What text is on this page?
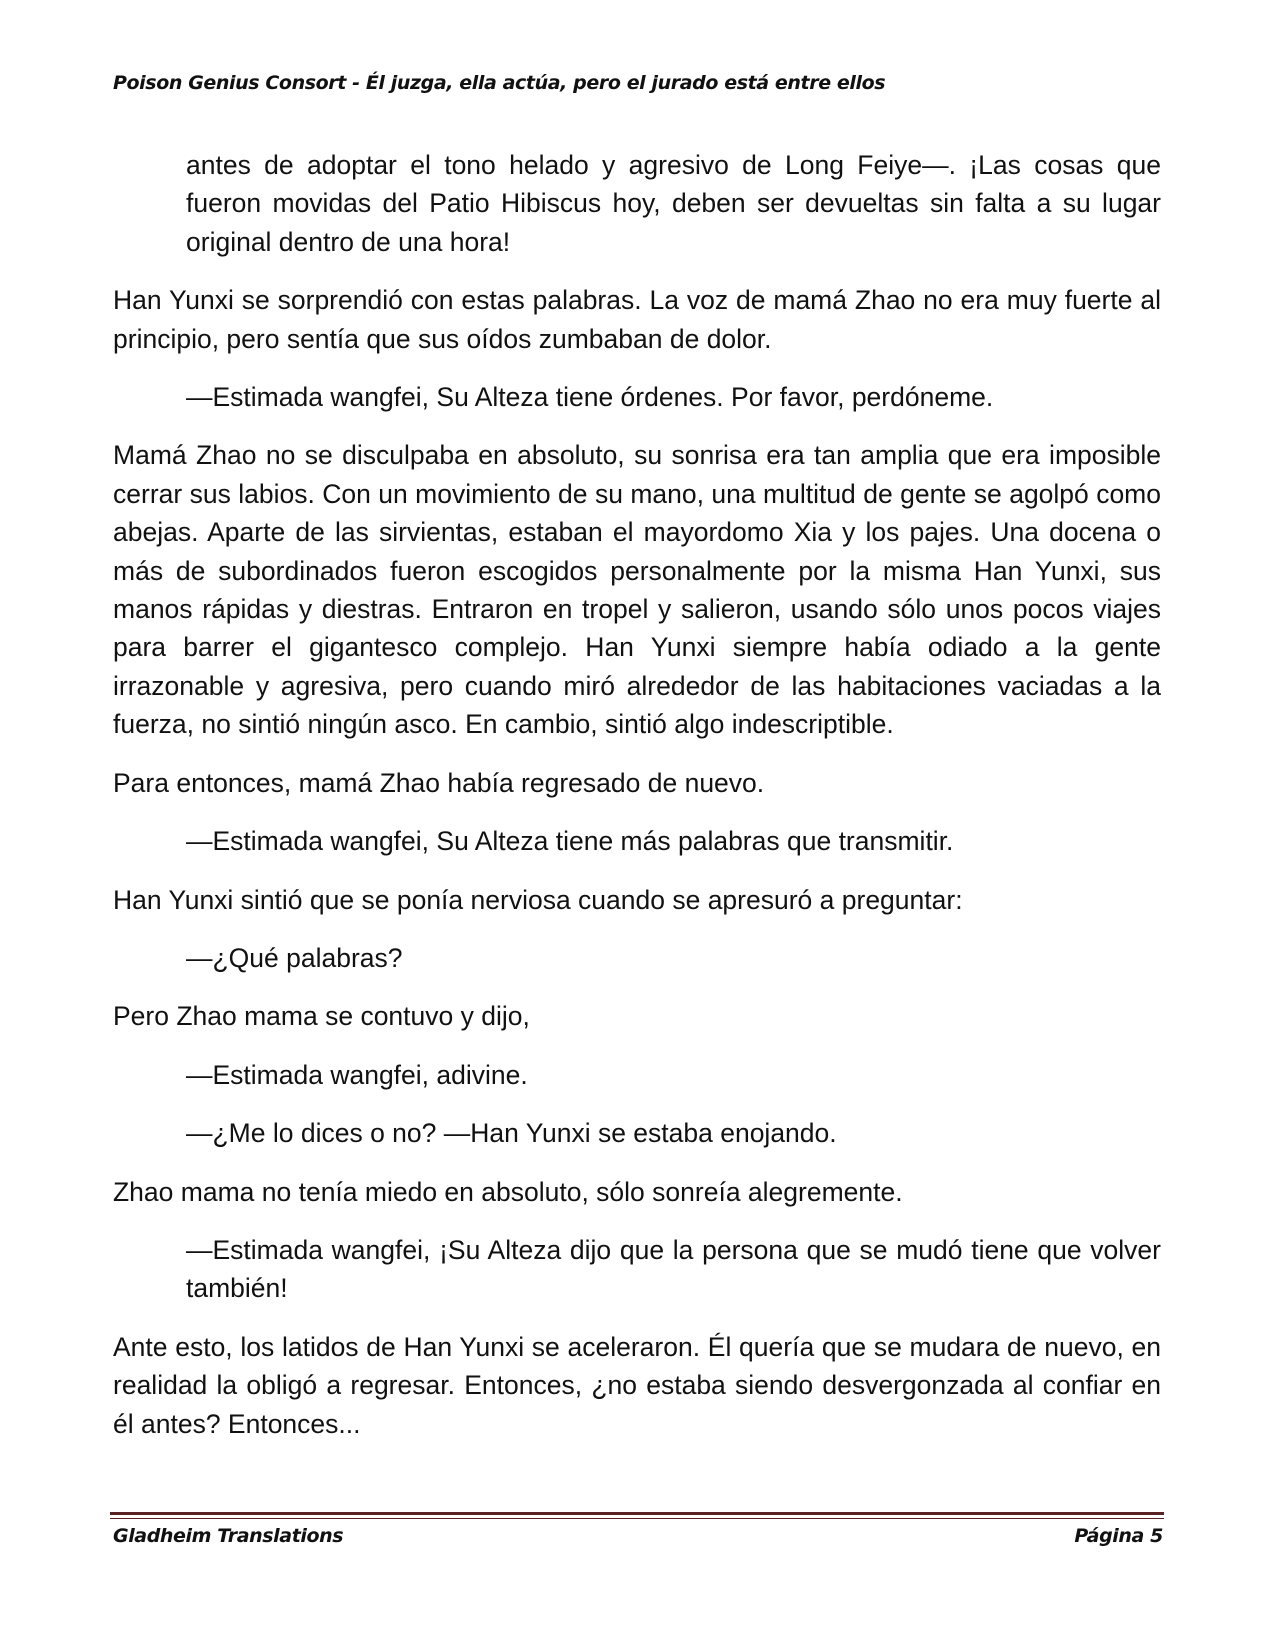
Poison Genius Consort - Él juzga, ella actúa, pero el jurado está entre ellos

antes de adoptar el tono helado y agresivo de Long Feiye—. ¡Las cosas que fueron movidas del Patio Hibiscus hoy, deben ser devueltas sin falta a su lugar original dentro de una hora!

Han Yunxi se sorprendió con estas palabras. La voz de mamá Zhao no era muy fuerte al principio, pero sentía que sus oídos zumbaban de dolor.

—Estimada wangfei, Su Alteza tiene órdenes. Por favor, perdóneme.

Mamá Zhao no se disculpaba en absoluto, su sonrisa era tan amplia que era imposible cerrar sus labios. Con un movimiento de su mano, una multitud de gente se agolpó como abejas. Aparte de las sirvientas, estaban el mayordomo Xia y los pajes. Una docena o más de subordinados fueron escogidos personalmente por la misma Han Yunxi, sus manos rápidas y diestras. Entraron en tropel y salieron, usando sólo unos pocos viajes para barrer el gigantesco complejo. Han Yunxi siempre había odiado a la gente irrazonable y agresiva, pero cuando miró alrededor de las habitaciones vaciadas a la fuerza, no sintió ningún asco. En cambio, sintió algo indescriptible.

Para entonces, mamá Zhao había regresado de nuevo.

—Estimada wangfei, Su Alteza tiene más palabras que transmitir.

Han Yunxi sintió que se ponía nerviosa cuando se apresuró a preguntar:

—¿Qué palabras?

Pero Zhao mama se contuvo y dijo,

—Estimada wangfei, adivine.

—¿Me lo dices o no? —Han Yunxi se estaba enojando.

Zhao mama no tenía miedo en absoluto, sólo sonreía alegremente.

—Estimada wangfei, ¡Su Alteza dijo que la persona que se mudó tiene que volver también!

Ante esto, los latidos de Han Yunxi se aceleraron. Él quería que se mudara de nuevo, en realidad la obligó a regresar. Entonces, ¿no estaba siendo desvergonzada al confiar en él antes? Entonces...

Gladheim Translations	Página 5
